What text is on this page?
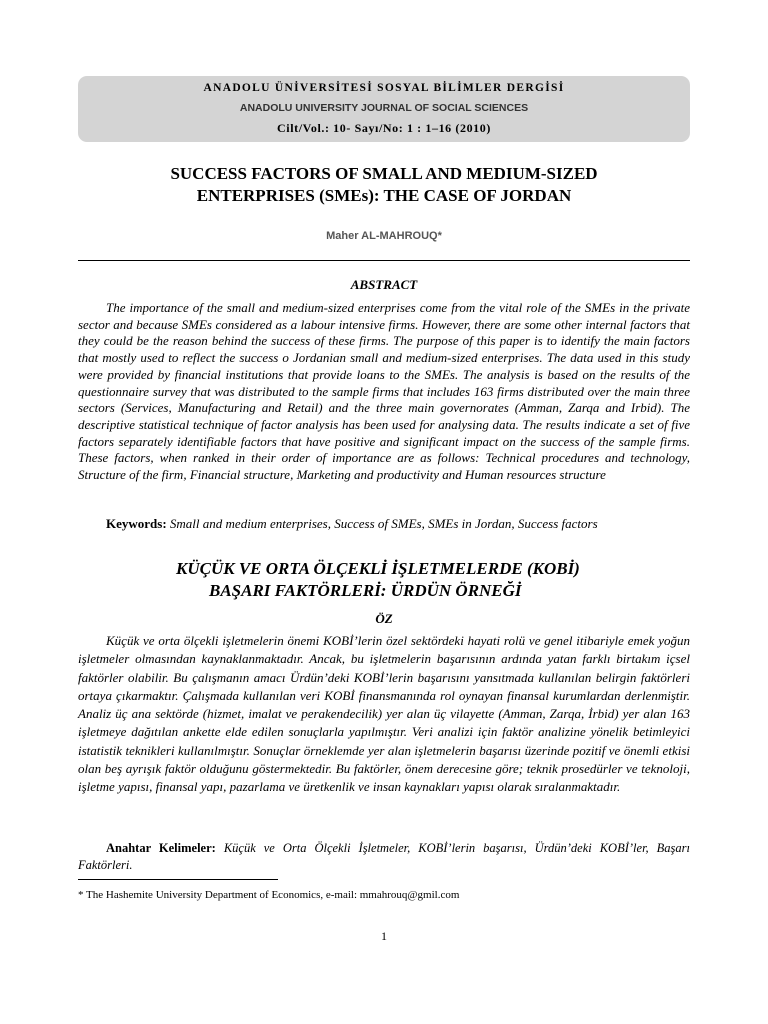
ANADOLU ÜNİVERSİTESİ SOSYAL BİLİMLER DERGİSİ
ANADOLU UNIVERSITY JOURNAL OF SOCIAL SCIENCES
Cilt/Vol.: 10- Sayı/No: 1 : 1–16 (2010)
SUCCESS FACTORS OF SMALL AND MEDIUM-SIZED
ENTERPRISES (SMEs): THE CASE OF JORDAN
Maher AL-MAHROUQ*
ABSTRACT
The importance of the small and medium-sized enterprises come from the vital role of the SMEs in the private sector and because SMEs considered as a labour intensive firms. However, there are some other internal factors that they could be the reason behind the success of these firms. The purpose of this paper is to identify the main factors that mostly used to reflect the success o Jordanian small and medium-sized enterprises. The data used in this study were provided by financial institutions that provide loans to the SMEs. The analysis is based on the results of the questionnaire survey that was distributed to the sample firms that includes 163 firms distributed over the main three sectors (Services, Manufacturing and Retail) and the three main governorates (Amman, Zarqa and Irbid). The descriptive statistical technique of factor analysis has been used for analysing data. The results indicate a set of five factors separately identifiable factors that have positive and significant impact on the success of the sample firms. These factors, when ranked in their order of importance are as follows: Technical procedures and technology, Structure of the firm, Financial structure, Marketing and productivity and Human resources structure
Keywords: Small and medium enterprises, Success of SMEs, SMEs in Jordan, Success factors
KÜÇÜK VE ORTA ÖLÇEKLİ İŞLETMELERDE (KOBİ)
BAŞARI FAKTÖRLERİ: ÜRDÜN ÖRNEĞİ
ÖZ
Küçük ve orta ölçekli işletmelerin önemi KOBİ’lerin özel sektördeki hayati rolü ve genel itibariyle emek yoğun işletmeler olmasından kaynaklanmaktadır. Ancak, bu işletmelerin başarısının ardında yatan farklı birtakım içsel faktörler olabilir. Bu çalışmanın amacı Ürdün’deki KOBİ’lerin başarısını yansıtmada kullanılan belirgin faktörleri ortaya çıkarmaktır. Çalışmada kullanılan veri KOBİ finansmanında rol oynayan finansal kurumlardan derlenmiştir. Analiz üç ana sektörde (hizmet, imalat ve perakendecilik) yer alan üç vilayette (Amman, Zarqa, İrbid) yer alan 163 işletmeye dağıtılan ankette elde edilen sonuçlarla yapılmıştır. Veri analizi için faktör analizine yönelik betimleyici istatistik teknikleri kullanılmıştır. Sonuçlar örneklemde yer alan işletmelerin başarısı üzerinde pozitif ve önemli etkisi olan beş ayrışık faktör olduğunu göstermektedir. Bu faktörler, önem derecesine göre; teknik prosedürler ve teknoloji, işletme yapısı, finansal yapı, pazarlama ve üretkenlik ve insan kaynakları yapısı olarak sıralanmaktadır.
Anahtar Kelimeler: Küçük ve Orta Ölçekli İşletmeler, KOBİ’lerin başarısı, Ürdün’deki KOBİ’ler, Başarı Faktörleri.
* The Hashemite University Department of Economics, e-mail: mmahrouq@gmil.com
1
